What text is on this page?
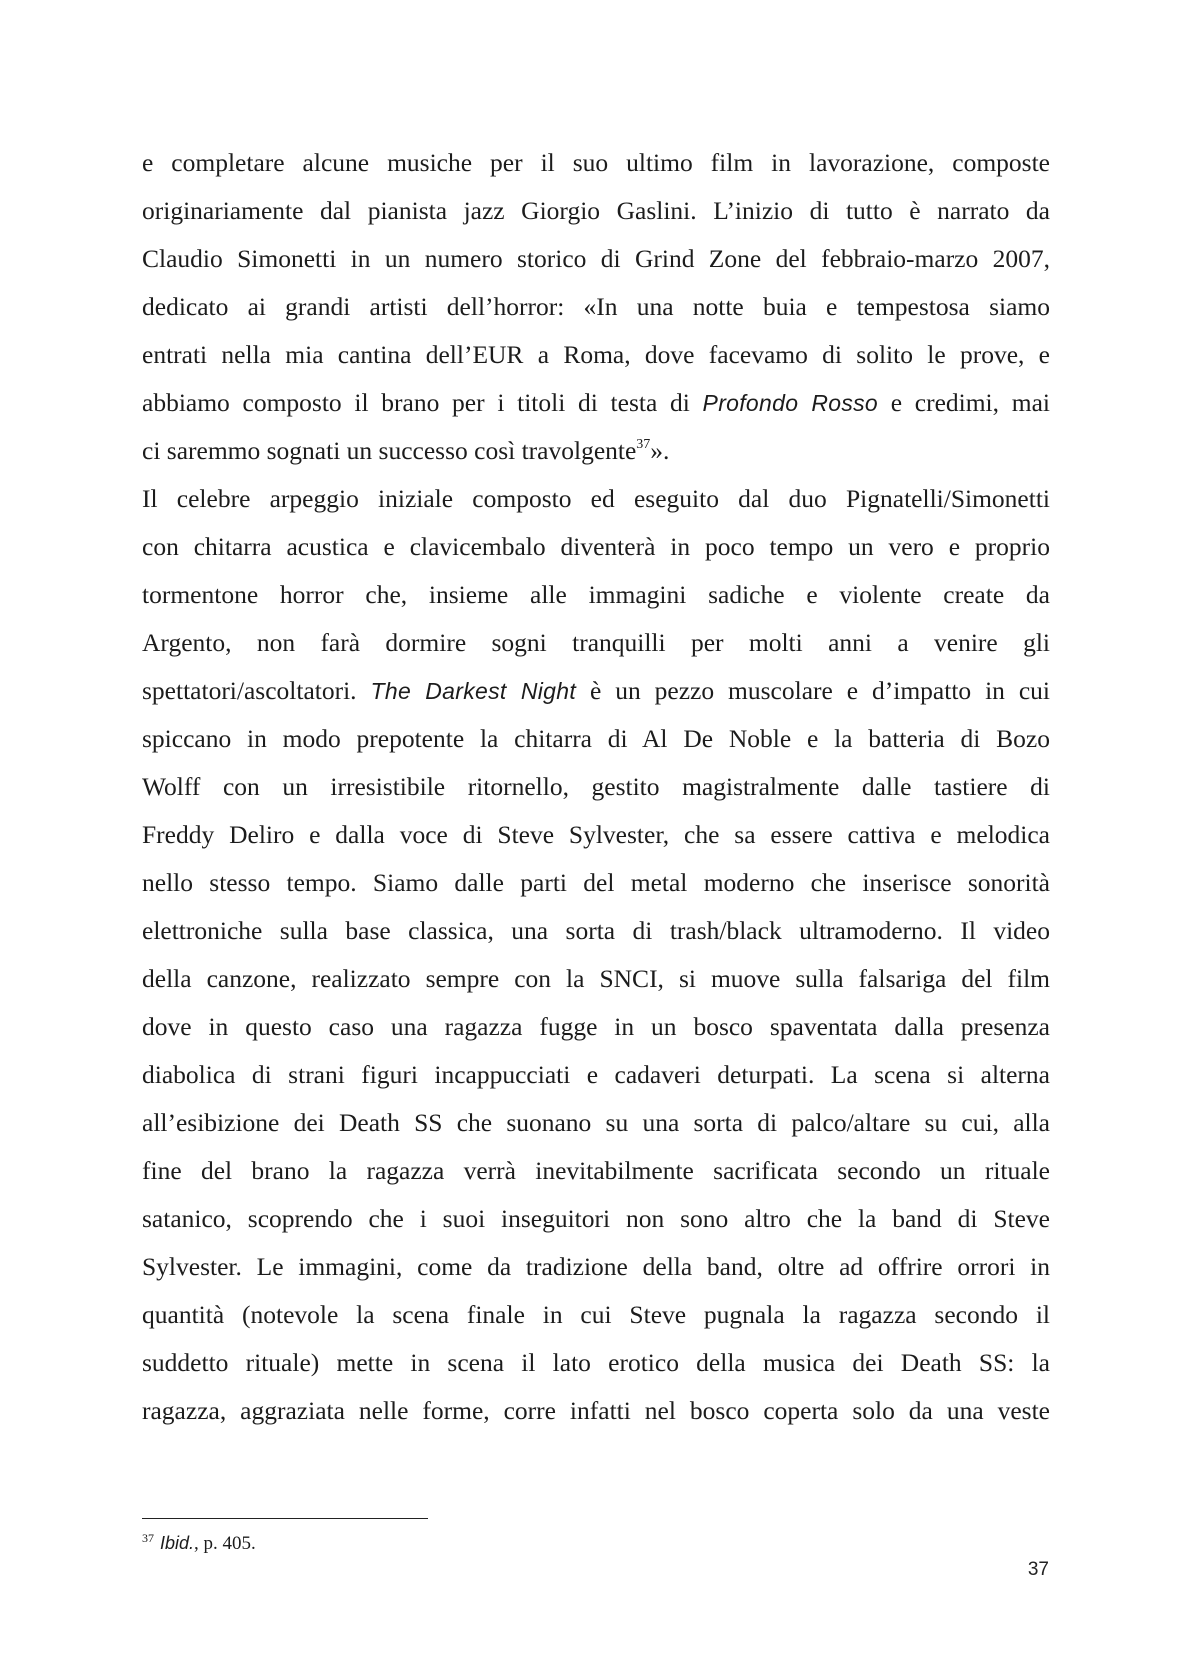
e completare alcune musiche per il suo ultimo film in lavorazione, composte
originariamente dal pianista jazz Giorgio Gaslini. L’inizio di tutto è narrato da
Claudio Simonetti in un numero storico di Grind Zone del febbraio-marzo 2007,
dedicato ai grandi artisti dell’horror: «In una notte buia e tempestosa siamo
entrati nella mia cantina dell’EUR a Roma, dove facevamo di solito le prove, e
abbiamo composto il brano per i titoli di testa di Profondo Rosso e credimi, mai
ci saremmo sognati un successo così travolgente$^{37}$».
Il celebre arpeggio iniziale composto ed eseguito dal duo Pignatelli/Simonetti
con chitarra acustica e clavicembalo diventerà in poco tempo un vero e proprio
tormentone horror che, insieme alle immagini sadiche e violente create da
Argento, non farà dormire sogni tranquilli per molti anni a venire gli
spettatori/ascoltatori. The Darkest Night è un pezzo muscolare e d’impatto in cui
spiccano in modo prepotente la chitarra di Al De Noble e la batteria di Bozo
Wolff con un irresistibile ritornello, gestito magistralmente dalle tastiere di
Freddy Deliro e dalla voce di Steve Sylvester, che sa essere cattiva e melodica
nello stesso tempo. Siamo dalle parti del metal moderno che inserisce sonorità
elettroniche sulla base classica, una sorta di trash/black ultramoderno. Il video
della canzone, realizzato sempre con la SNCI, si muove sulla falsariga del film
dove in questo caso una ragazza fugge in un bosco spaventata dalla presenza
diabolica di strani figuri incappucciati e cadaveri deturpati. La scena si alterna
all’esibizione dei Death SS che suonano su una sorta di palco/altare su cui, alla
fine del brano la ragazza verrà inevitabilmente sacrificata secondo un rituale
satanico, scoprendo che i suoi inseguitori non sono altro che la band di Steve
Sylvester. Le immagini, come da tradizione della band, oltre ad offrire orrori in
quantità (notevole la scena finale in cui Steve pugnala la ragazza secondo il
suddetto rituale) mette in scena il lato erotico della musica dei Death SS: la
ragazza, aggraziata nelle forme, corre infatti nel bosco coperta solo da una veste
$^{37}$ Ibid., p. 405.
37
